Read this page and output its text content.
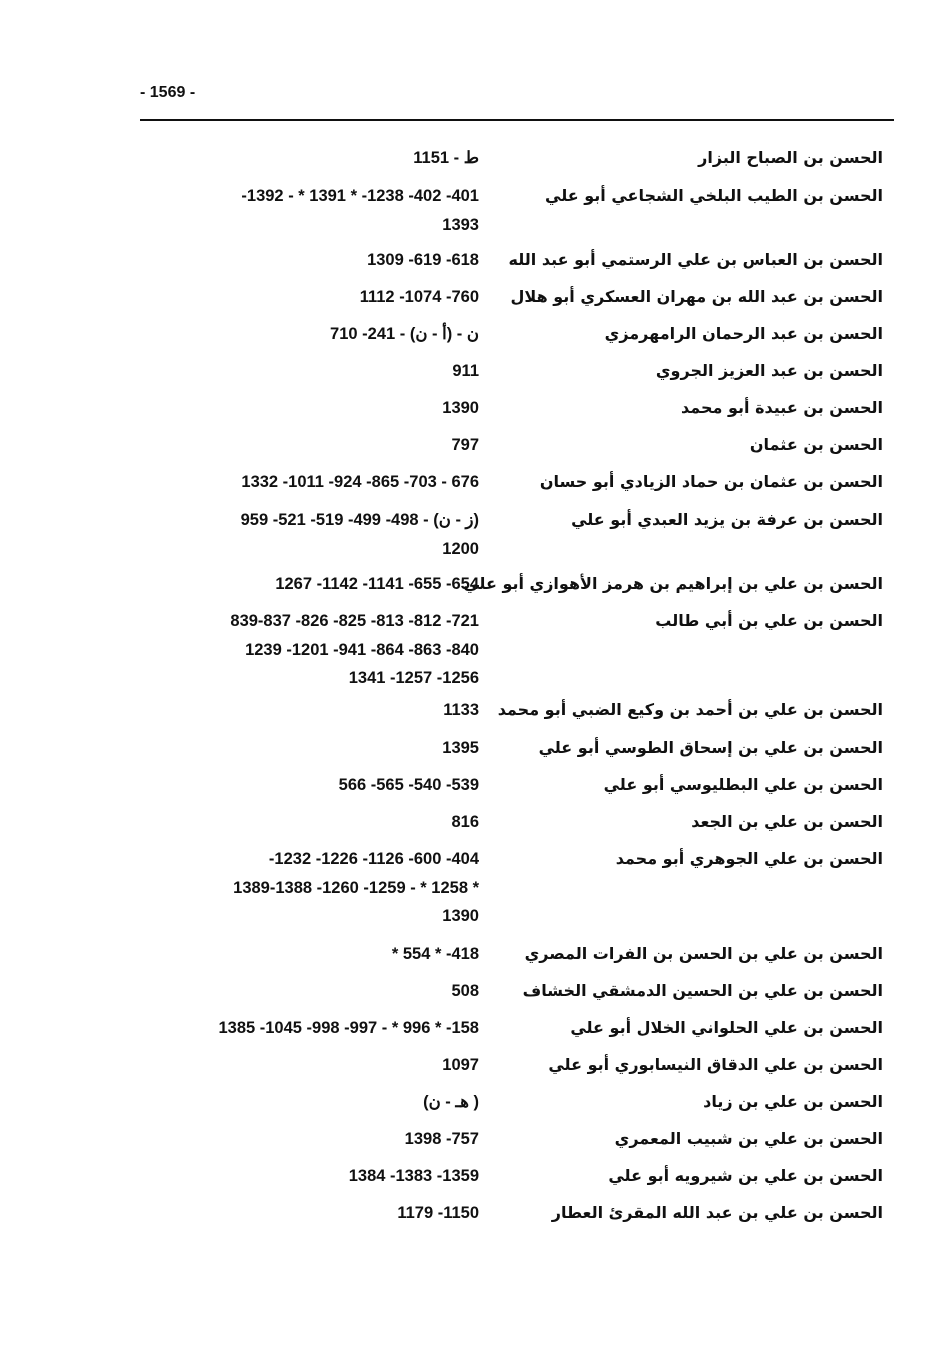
- 1569 -
الحسن بن الصباح البزار
ط - 1151
الحسن بن الطيب البلخي الشجاعي أبو علي
-1392 - * 1391 * -1238 -402 -401
1393
الحسن بن العباس بن علي الرستمي أبو عبد الله
1309 -619 -618
الحسن بن عبد الله بن مهران العسكري أبو هلال
1112 -1074 -760
الحسن بن عبد الرحمان الرامهرمزي
ن - (أ - ن) - 241- 710
الحسن بن عبد العزيز الجروي
911
الحسن بن عبيدة أبو محمد
1390
الحسن بن عثمان
797
الحسن بن عثمان بن حماد الزيادي أبو حسان
1332 -1011 -924 -865 -703 - 676
الحسن بن عرفة بن يزيد العبدي أبو علي
959 -521 -519 -499 -498 - (ز - ن)
1200
الحسن بن علي بن إبراهيم بن هرمز الأهوازي أبو علي
1267 -1142 -1141 -655 -654
الحسن بن علي بن أبي طالب
839-837 -826 -825 -813 -812 -721
1239 -1201 -941 -864 -863 -840
1341 -1257 -1256
الحسن بن علي بن أحمد بن وكيع الضبي أبو محمد
1133
الحسن بن علي بن إسحاق الطوسي أبو علي
1395
الحسن بن علي البطليوسي أبو علي
566 -565 -540 -539
الحسن بن علي بن الجعد
816
الحسن بن علي الجوهري أبو محمد
-1232 -1226 -1126 -600 -404
1389-1388 -1260 -1259 - * 1258 *
1390
الحسن بن علي بن الحسن بن الفرات المصري
* 554 * -418
الحسن بن علي بن الحسين الدمشقي الخشاف
508
الحسن بن علي الحلواني الخلال أبو علي
1385 -1045 -998 -997 - * 996 * -158
الحسن بن علي الدقاق النيسابوري أبو علي
1097
الحسن بن علي بن زياد
(هـ - ن )
الحسن بن علي بن شبيب المعمري
1398 -757
الحسن بن علي بن شيرويه أبو علي
1384 -1383 -1359
الحسن بن علي بن عبد الله المقرئ العطار
1179 -1150
